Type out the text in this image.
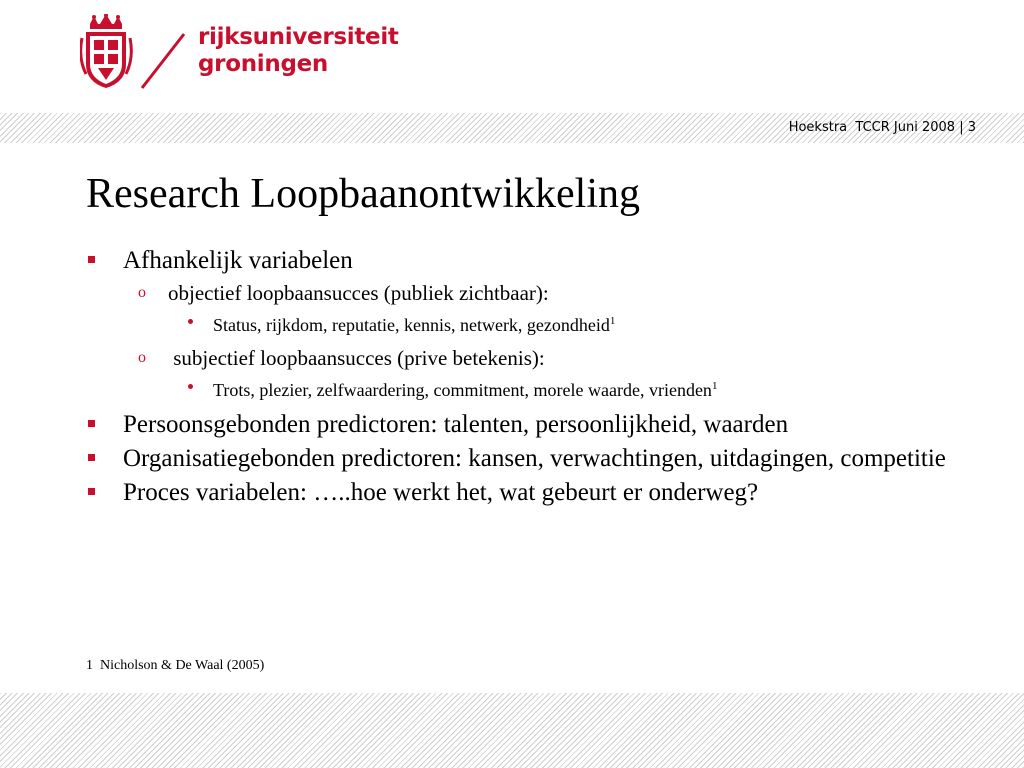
rijksuniversiteit
groningen
Hoekstra TCCR Juni 2008 | 3
Research Loopbaanontwikkeling
Afhankelijk variabelen
o objectief loopbaansucces (publiek zichtbaar):
Status, rijkdom, reputatie, kennis, netwerk, gezondheid$^1$
o subjectief loopbaansucces (prive betekenis):
Trots, plezier, zelfwaardering, commitment, morele waarde, vrienden$^1$
Persoonsgebonden predictoren: talenten, persoonlijkheid, waarden
Organisatiegebonden predictoren: kansen, verwachtingen, uitdagingen, competitie
Proces variabelen: …..hoe werkt het, wat gebeurt er onderweg?
1  Nicholson & De Waal (2005)
